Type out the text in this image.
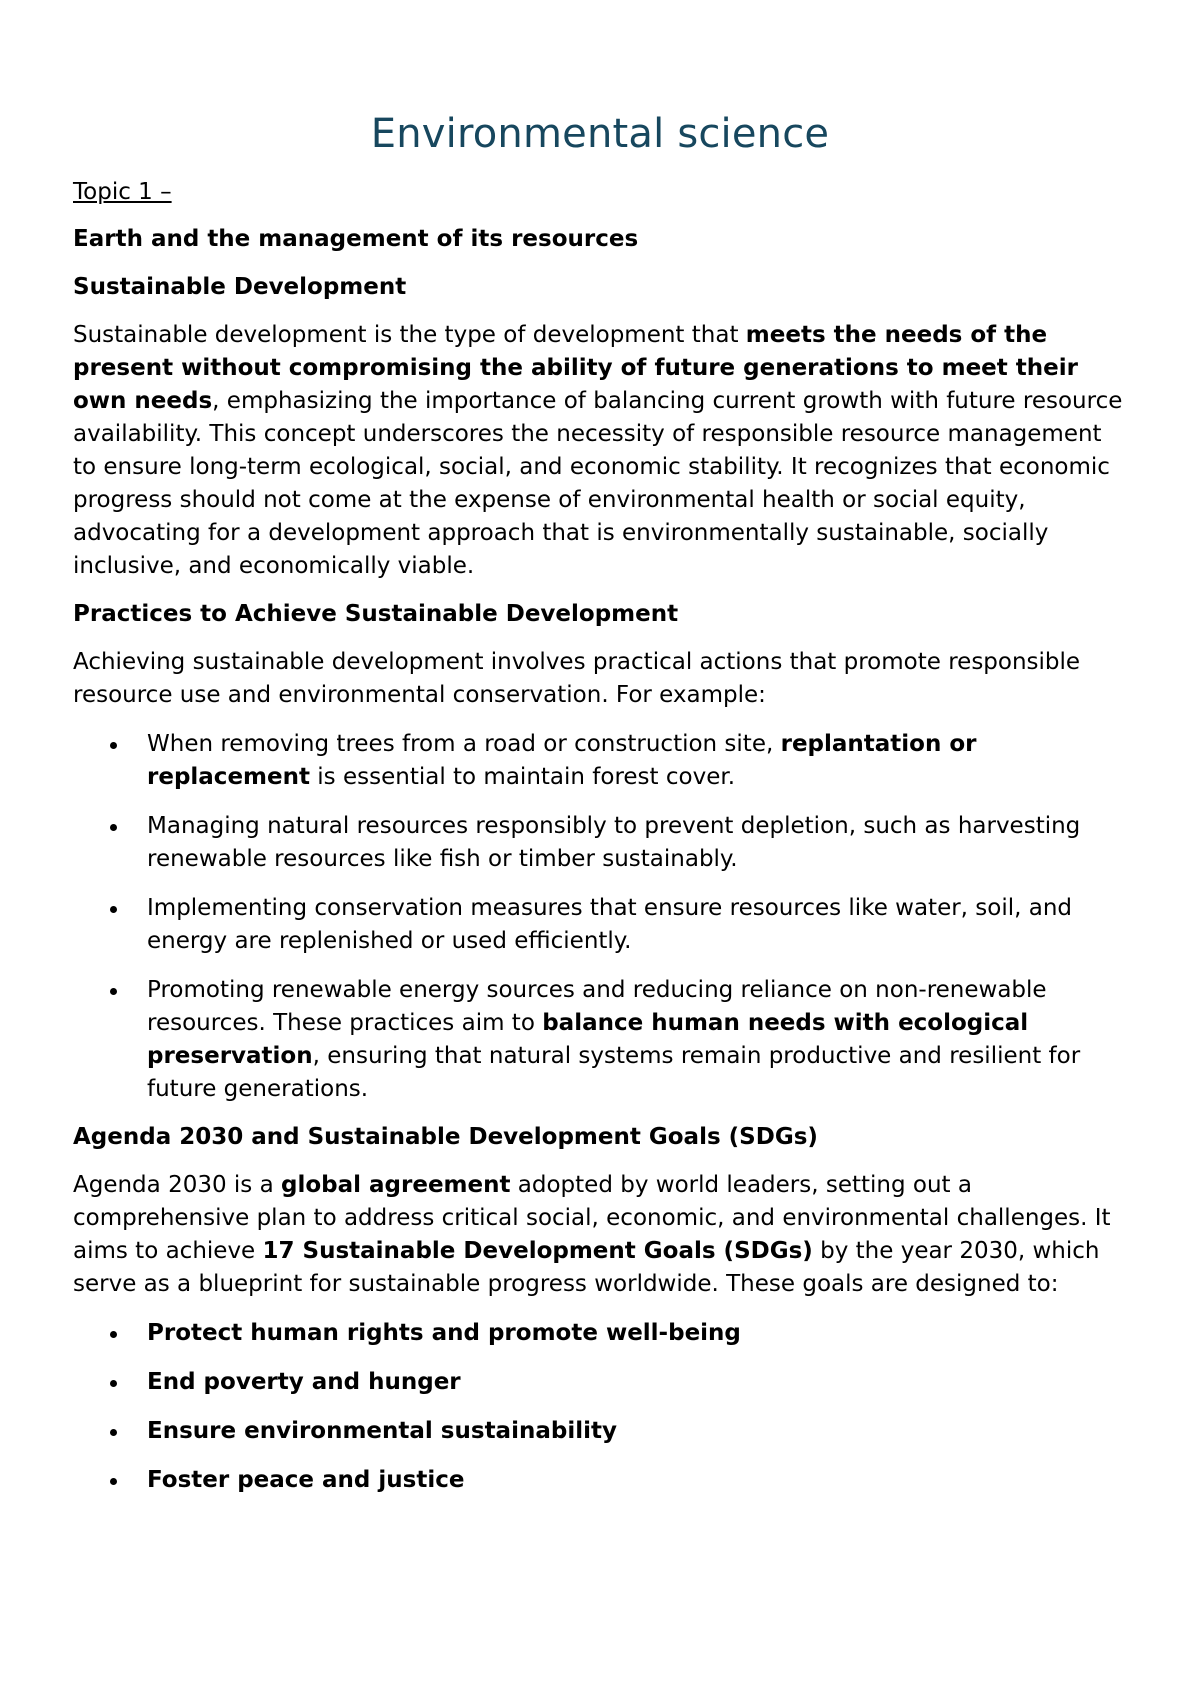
Environmental science

Topic 1 –

Earth and the management of its resources
Sustainable Development

Sustainable development is the type of development that meets the needs of the present without compromising the ability of future generations to meet their own needs, emphasizing the importance of balancing current growth with future resource availability. This concept underscores the necessity of responsible resource management to ensure long-term ecological, social, and economic stability. It recognizes that economic progress should not come at the expense of environmental health or social equity, advocating for a development approach that is environmentally sustainable, socially inclusive, and economically viable.

Practices to Achieve Sustainable Development

Achieving sustainable development involves practical actions that promote responsible resource use and environmental conservation. For example:

When removing trees from a road or construction site, replantation or replacement is essential to maintain forest cover.
Managing natural resources responsibly to prevent depletion, such as harvesting renewable resources like fish or timber sustainably.
Implementing conservation measures that ensure resources like water, soil, and energy are replenished or used efficiently.
Promoting renewable energy sources and reducing reliance on non-renewable resources. These practices aim to balance human needs with ecological preservation, ensuring that natural systems remain productive and resilient for future generations.
Agenda 2030 and Sustainable Development Goals (SDGs)

Agenda 2030 is a global agreement adopted by world leaders, setting out a comprehensive plan to address critical social, economic, and environmental challenges. It aims to achieve 17 Sustainable Development Goals (SDGs) by the year 2030, which serve as a blueprint for sustainable progress worldwide. These goals are designed to:

Protect human rights and promote well-being
End poverty and hunger
Ensure environmental sustainability
Foster peace and justice
